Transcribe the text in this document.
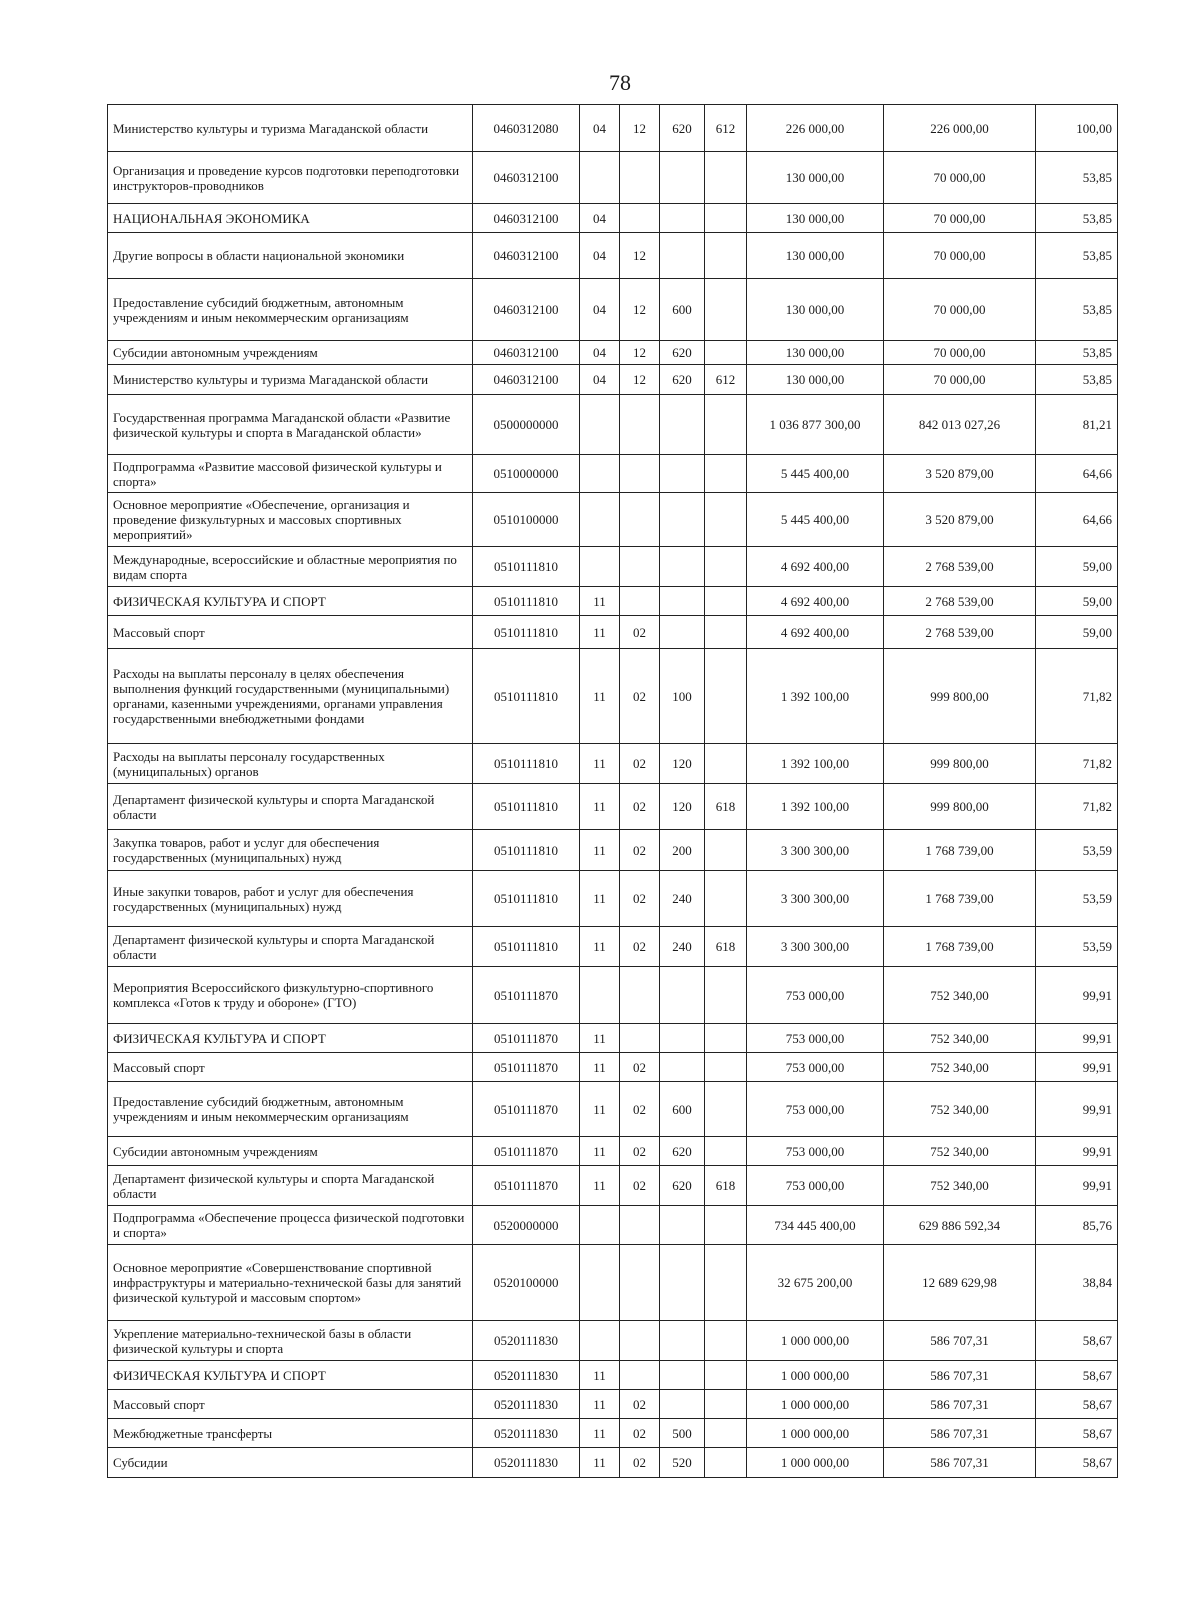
78
Министерство культуры и туризма Магаданской области	0460312080	04	12	620	612	226 000,00	226 000,00	100,00
Организация и проведение курсов подготовки переподготовки инструкторов-проводников	0460312100					130 000,00	70 000,00	53,85
НАЦИОНАЛЬНАЯ ЭКОНОМИКА	0460312100	04				130 000,00	70 000,00	53,85
Другие вопросы в области национальной экономики	0460312100	04	12			130 000,00	70 000,00	53,85
Предоставление субсидий бюджетным, автономным учреждениям и иным некоммерческим организациям	0460312100	04	12	600		130 000,00	70 000,00	53,85
Субсидии автономным учреждениям	0460312100	04	12	620		130 000,00	70 000,00	53,85
Министерство культуры и туризма Магаданской области	0460312100	04	12	620	612	130 000,00	70 000,00	53,85
Государственная программа Магаданской области «Развитие физической культуры и спорта в Магаданской области»	0500000000					1 036 877 300,00	842 013 027,26	81,21
Подпрограмма «Развитие массовой физической культуры и спорта»	0510000000					5 445 400,00	3 520 879,00	64,66
Основное мероприятие «Обеспечение, организация и проведение физкультурных и массовых спортивных мероприятий»	0510100000					5 445 400,00	3 520 879,00	64,66
Международные, всероссийские и областные мероприятия по видам спорта	0510111810					4 692 400,00	2 768 539,00	59,00
ФИЗИЧЕСКАЯ КУЛЬТУРА И СПОРТ	0510111810	11				4 692 400,00	2 768 539,00	59,00
Массовый спорт	0510111810	11	02			4 692 400,00	2 768 539,00	59,00
Расходы на выплаты персоналу в целях обеспечения выполнения функций государственными (муниципальными) органами, казенными учреждениями, органами управления государственными внебюджетными фондами	0510111810	11	02	100		1 392 100,00	999 800,00	71,82
Расходы на выплаты персоналу государственных (муниципальных) органов	0510111810	11	02	120		1 392 100,00	999 800,00	71,82
Департамент физической культуры и спорта Магаданской области	0510111810	11	02	120	618	1 392 100,00	999 800,00	71,82
Закупка товаров, работ и услуг для обеспечения государственных (муниципальных) нужд	0510111810	11	02	200		3 300 300,00	1 768 739,00	53,59
Иные закупки товаров, работ и услуг для обеспечения государственных (муниципальных) нужд	0510111810	11	02	240		3 300 300,00	1 768 739,00	53,59
Департамент физической культуры и спорта Магаданской области	0510111810	11	02	240	618	3 300 300,00	1 768 739,00	53,59
Мероприятия Всероссийского физкультурно-спортивного комплекса «Готов к труду и обороне» (ГТО)	0510111870					753 000,00	752 340,00	99,91
ФИЗИЧЕСКАЯ КУЛЬТУРА И СПОРТ	0510111870	11				753 000,00	752 340,00	99,91
Массовый спорт	0510111870	11	02			753 000,00	752 340,00	99,91
Предоставление субсидий бюджетным, автономным учреждениям и иным некоммерческим организациям	0510111870	11	02	600		753 000,00	752 340,00	99,91
Субсидии автономным учреждениям	0510111870	11	02	620		753 000,00	752 340,00	99,91
Департамент физической культуры и спорта Магаданской области	0510111870	11	02	620	618	753 000,00	752 340,00	99,91
Подпрограмма «Обеспечение процесса физической подготовки и спорта»	0520000000					734 445 400,00	629 886 592,34	85,76
Основное мероприятие «Совершенствование спортивной инфраструктуры и материально-технической базы для занятий физической культурой и массовым спортом»	0520100000					32 675 200,00	12 689 629,98	38,84
Укрепление материально-технической базы в области физической культуры и спорта	0520111830					1 000 000,00	586 707,31	58,67
ФИЗИЧЕСКАЯ КУЛЬТУРА И СПОРТ	0520111830	11				1 000 000,00	586 707,31	58,67
Массовый спорт	0520111830	11	02			1 000 000,00	586 707,31	58,67
Межбюджетные трансферты	0520111830	11	02	500		1 000 000,00	586 707,31	58,67
Субсидии	0520111830	11	02	520		1 000 000,00	586 707,31	58,67
